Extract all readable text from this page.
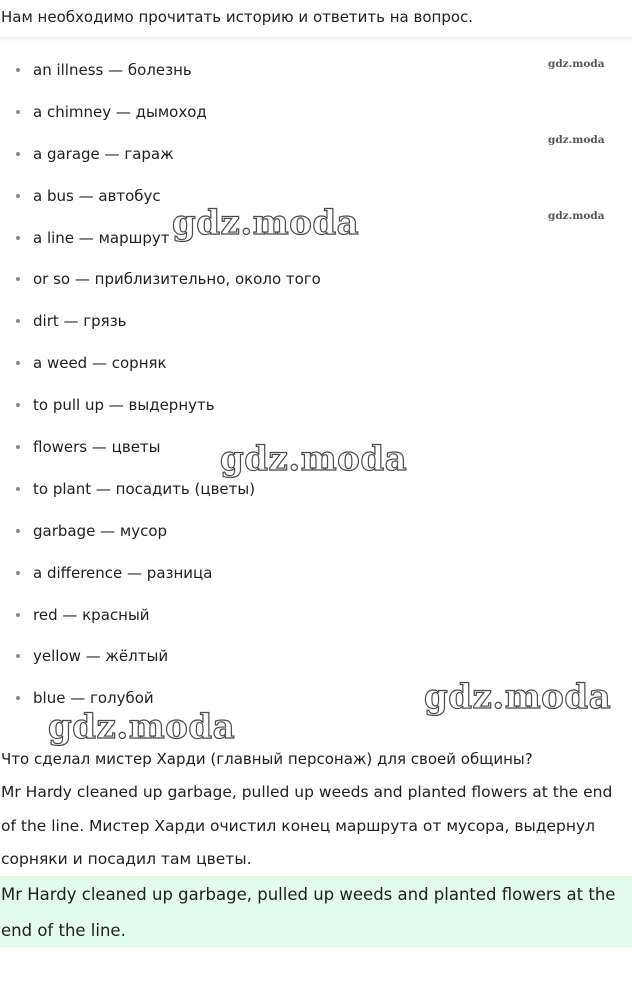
Нам необходимо прочитать историю и ответить на вопрос.
an illness — болезнь
a chimney — дымоход
a garage — гараж
a bus — автобус
a line — маршрут
or so — приблизительно, около того
dirt — грязь
a weed — сорняк
to pull up — выдернуть
flowers — цветы
to plant — посадить (цветы)
garbage — мусор
a difference — разница
red — красный
yellow — жёлтый
blue — голубой
Что сделал мистер Харди (главный персонаж) для своей общины?
Mr Hardy cleaned up garbage, pulled up weeds and planted flowers at the end of the line. Мистер Харди очистил конец маршрута от мусора, выдернул сорняки и посадил там цветы.
Mr Hardy cleaned up garbage, pulled up weeds and planted flowers at the end of the line.
gdz.moda
gdz.moda
gdz.moda
gdz.moda
gdz.moda
gdz.moda
gdz.moda
